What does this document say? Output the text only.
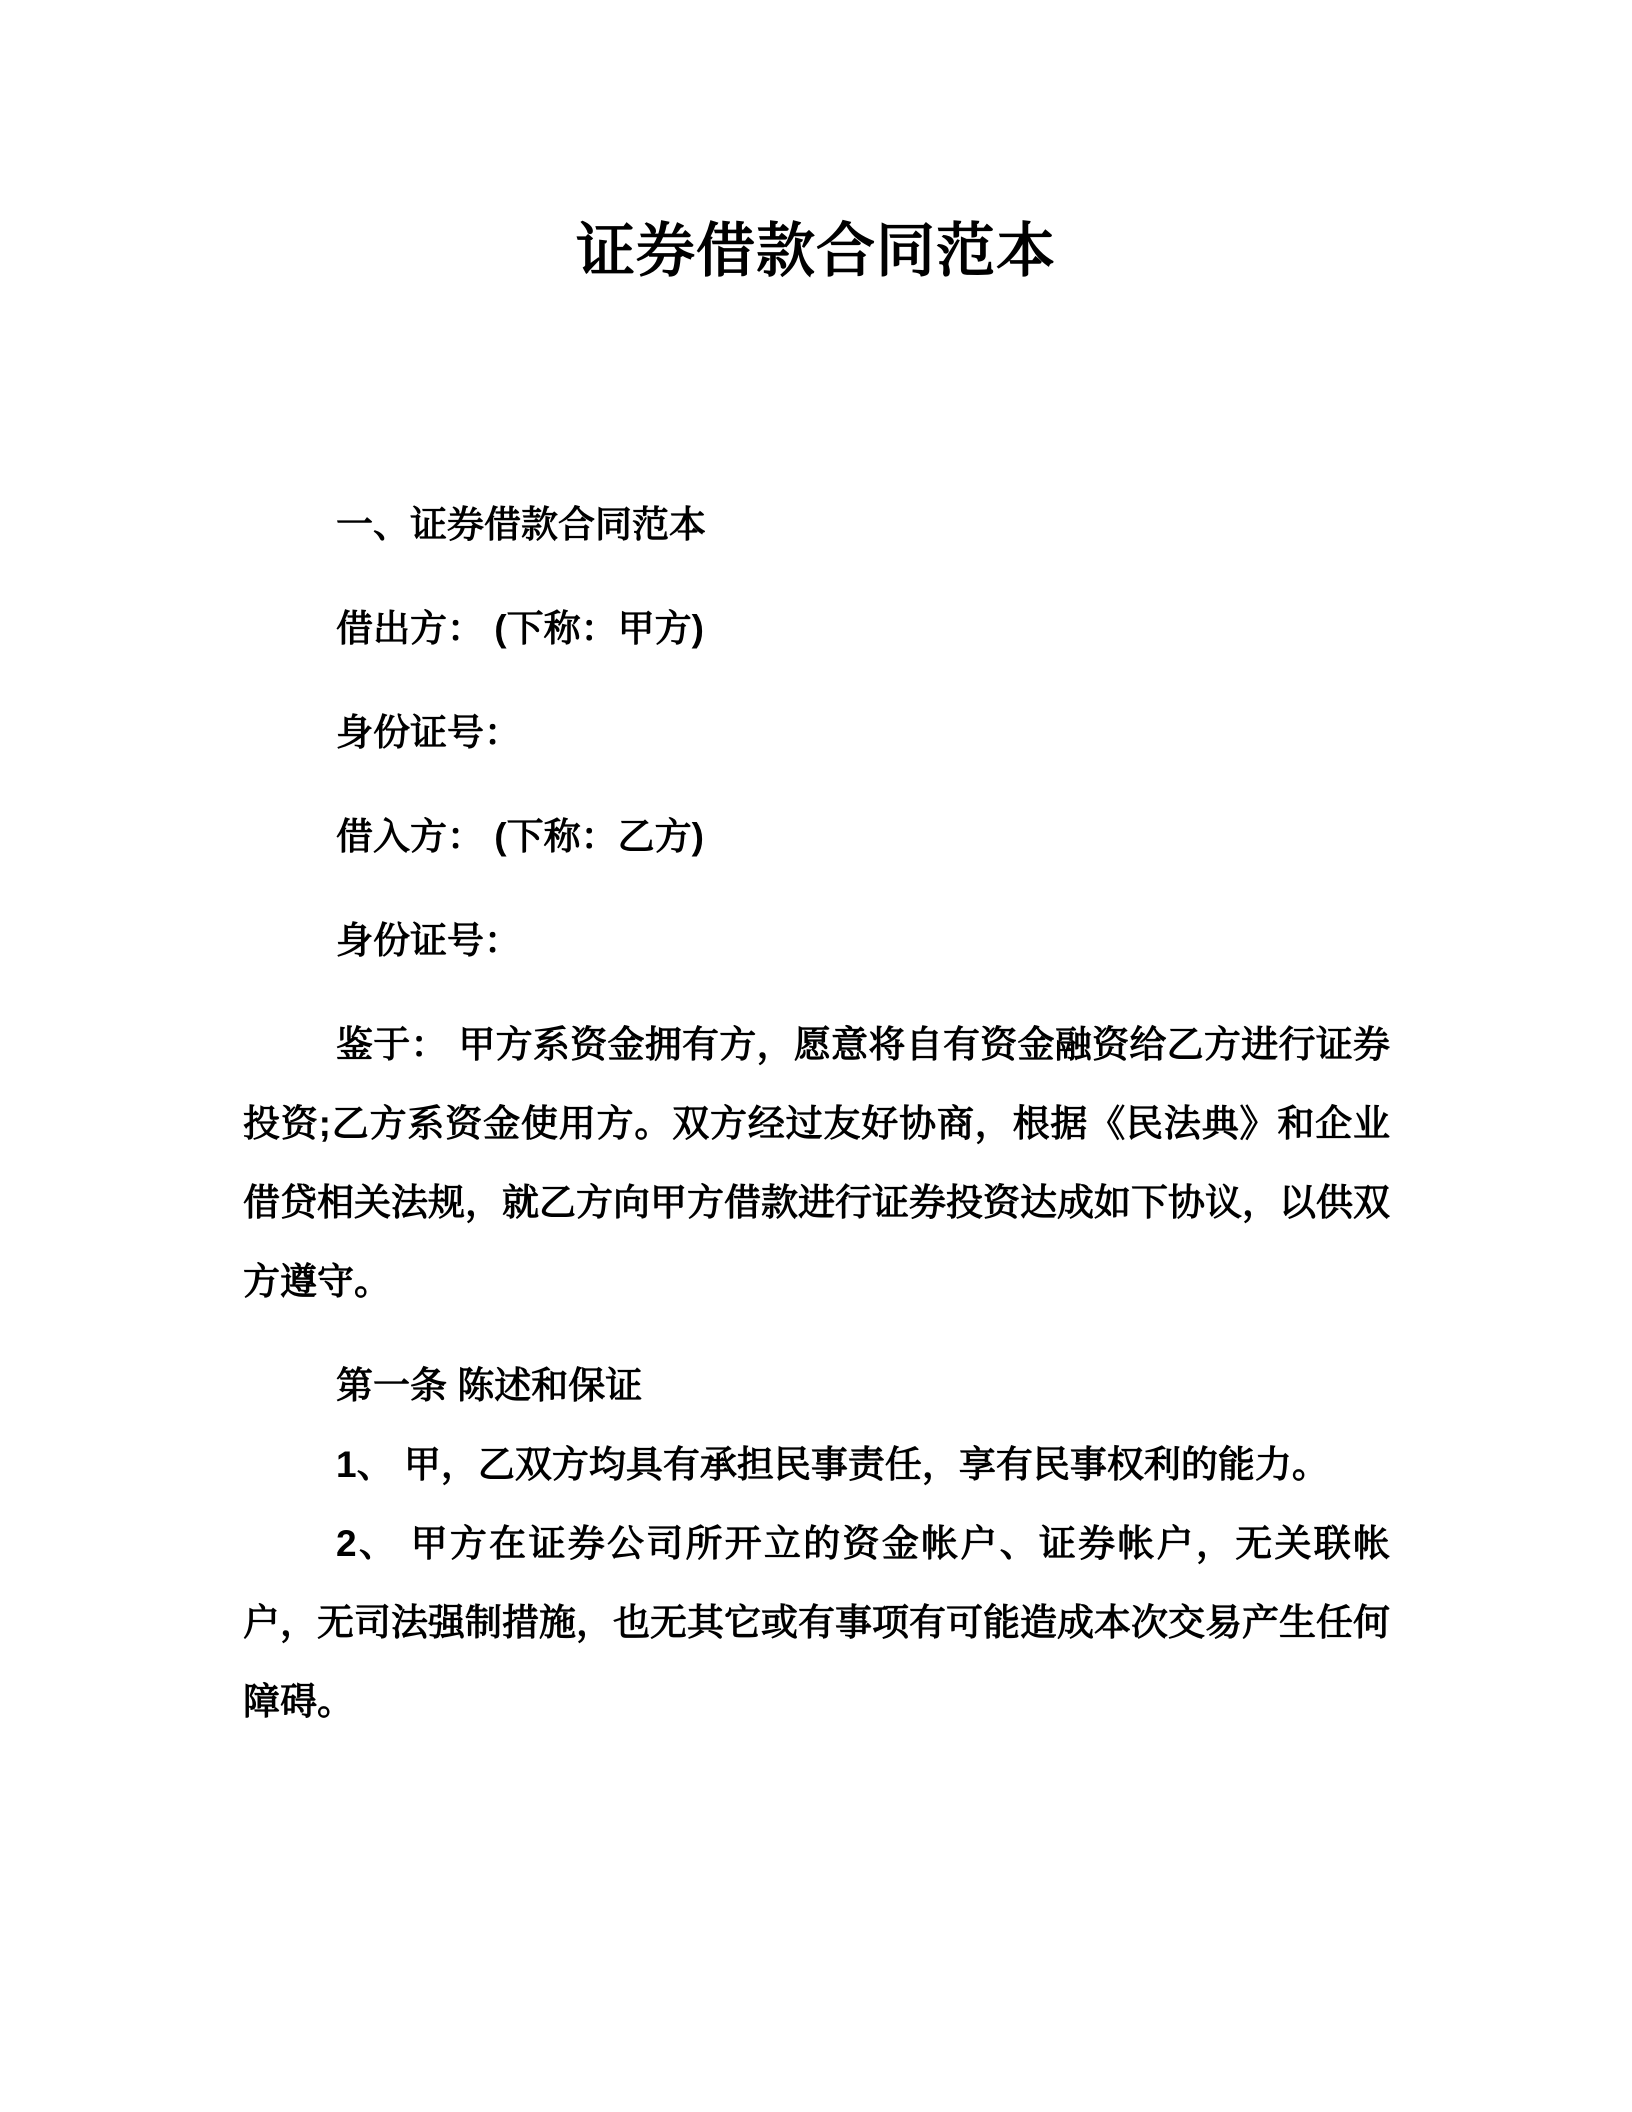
证券借款合同范本

一、证券借款合同范本

借出方： (下称：甲方)

身份证号：

借入方： (下称：乙方)

身份证号：

鉴于： 甲方系资金拥有方，愿意将自有资金融资给乙方进行证券投资;乙方系资金使用方。双方经过友好协商，根据《民法典》和企业借贷相关法规，就乙方向甲方借款进行证券投资达成如下协议，以供双方遵守。

第一条 陈述和保证

1、 甲，乙双方均具有承担民事责任，享有民事权利的能力。

2、 甲方在证券公司所开立的资金帐户、证券帐户，无关联帐户，无司法强制措施，也无其它或有事项有可能造成本次交易产生任何障碍。
